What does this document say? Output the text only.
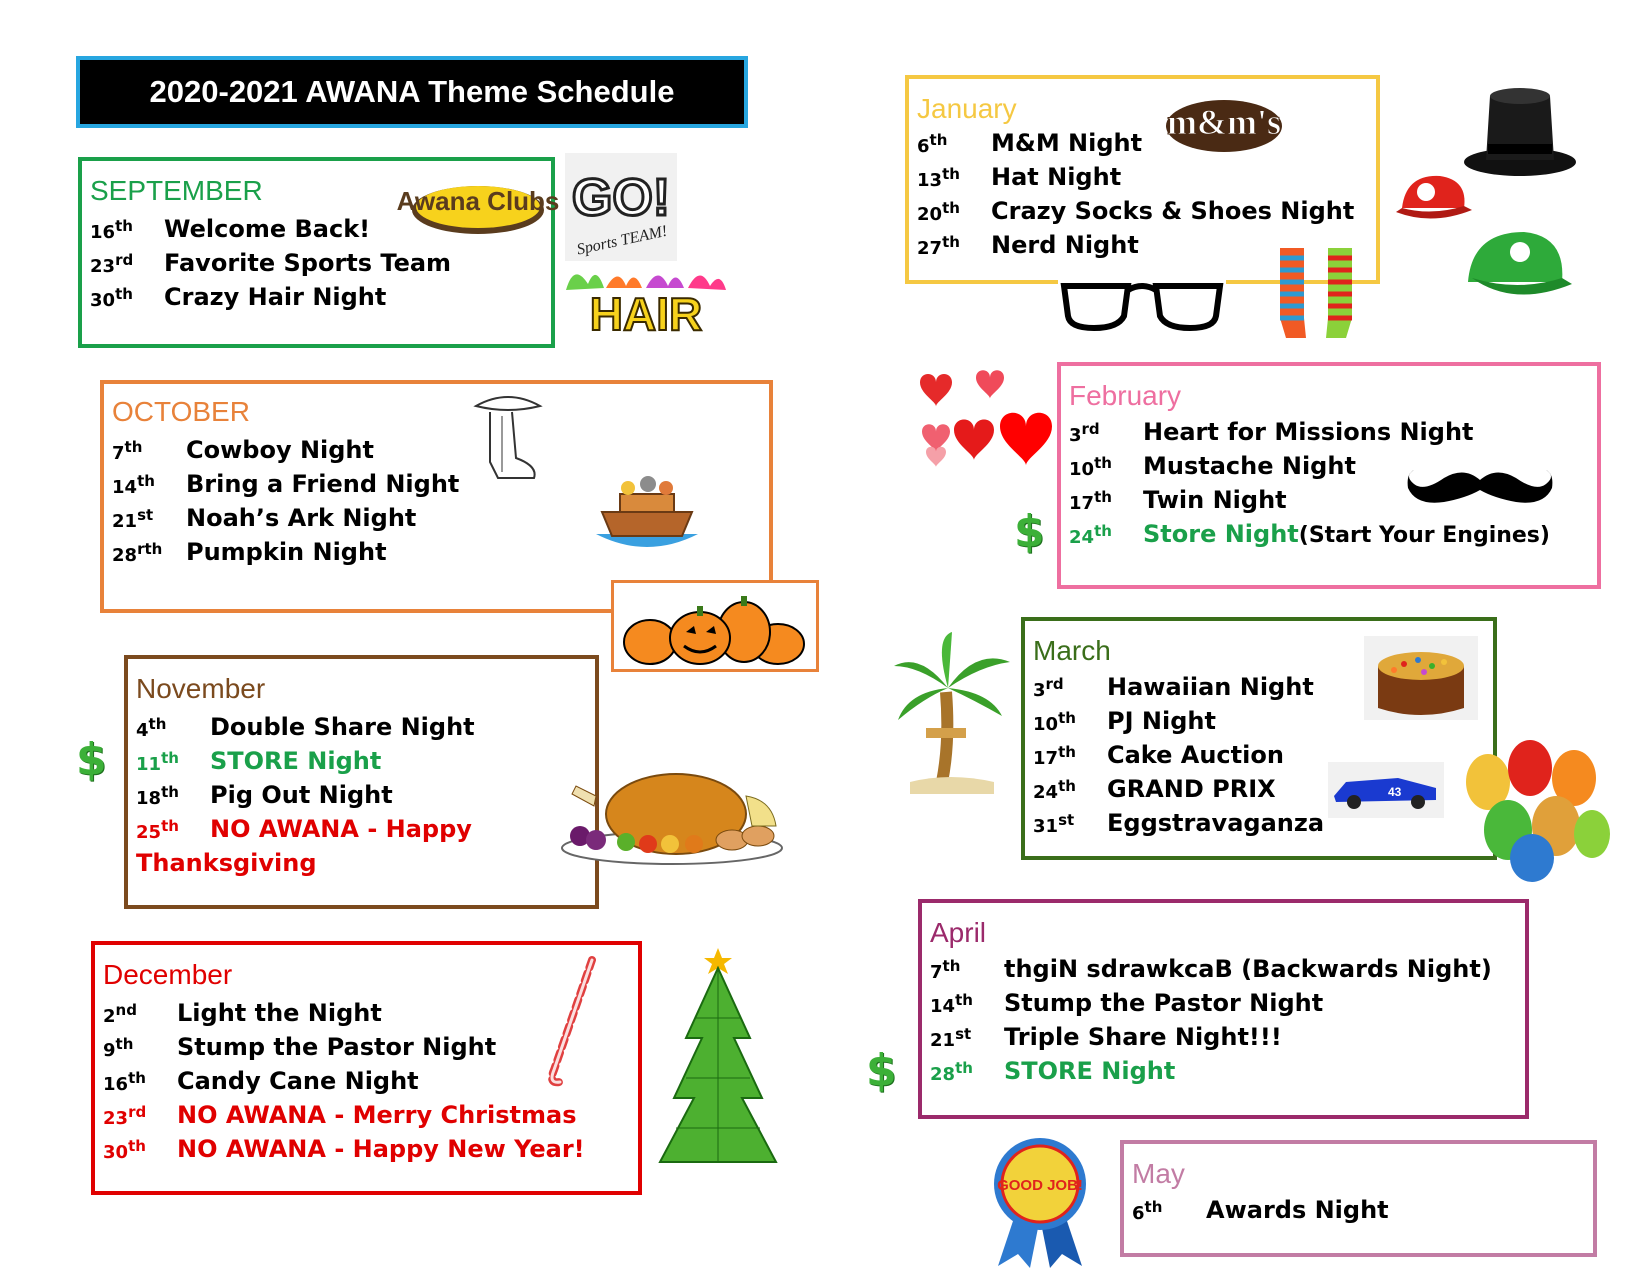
2020-2021 AWANA Theme Schedule
SEPTEMBER
16th	Welcome Back!
23rd	Favorite Sports Team
30th	Crazy Hair Night
Awana Clubs GO!
Sports TEAM!
HAIR
OCTOBER
7th	Cowboy Night
14th	Bring a Friend Night
21st	Noah’s Ark Night
$28^{rth}$ Pumpkin Night
November
4th	Double Share Night
11th	STORE Night
18th	Pig Out Night
25th	NO AWANA - Happy
Thanksgiving
$
December
2nd	Light the Night
9th	Stump the Pastor Night
16th	Candy Cane Night
23rd	NO AWANA - Merry Christmas
30th	NO AWANA - Happy New Year!
January
6th	M&M Night
13th	Hat Night
20th	Crazy Socks & Shoes Night
27th	Nerd Night
m&m's
February
3rd	Heart for Missions Night
10th	Mustache Night
17th	Twin Night
24th	Store Night (Start Your Engines)
$
March
3rd	Hawaiian Night
10th	PJ Night
17th	Cake Auction
24th	GRAND PRIX
31st	Eggstravaganza
43
April
7th	thgiN sdrawkcaB (Backwards Night)
14th	Stump the Pastor Night
21st	Triple Share Night!!!
28th	STORE Night
$
May
6th	Awards Night
GOOD JOB!
